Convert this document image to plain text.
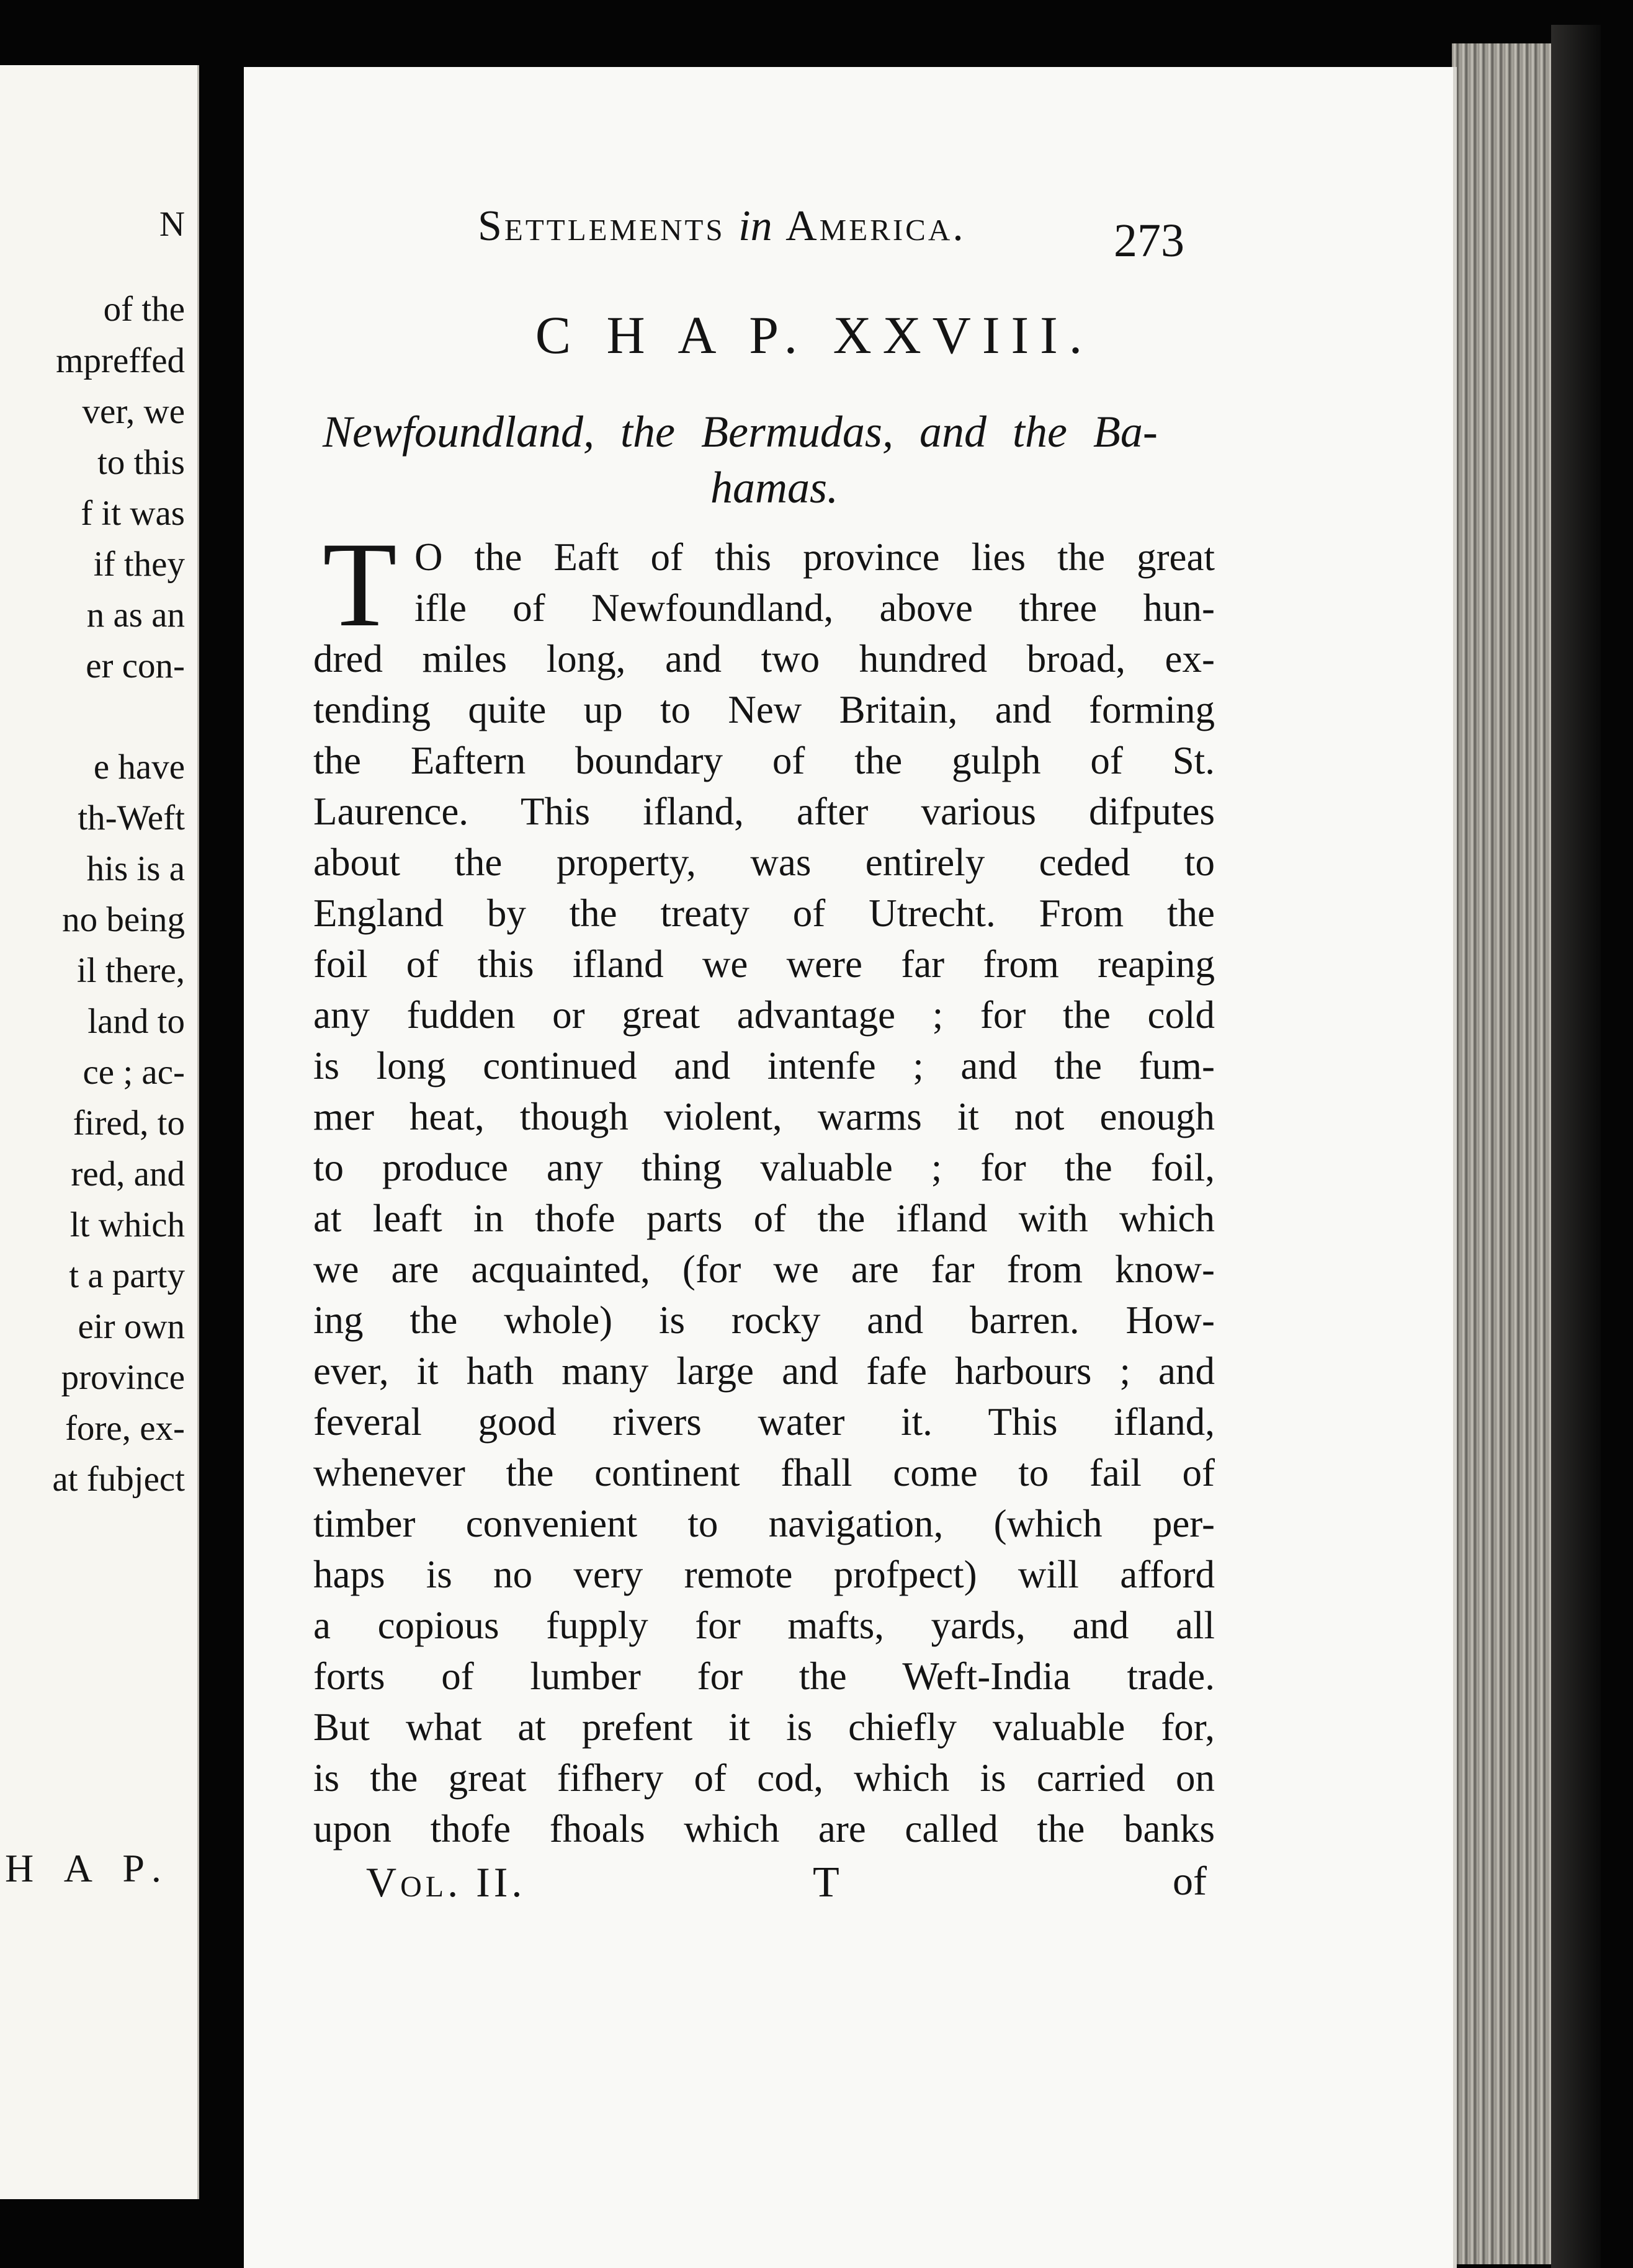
N
of the
mpreffed
ver, we
to this
f it was
if they
n as an
er con-
e have
th-Weft
his is a
no being
il there,
land to
ce ; ac-
fired, to
red, and
lt which
t a party
eir own
province
fore, ex-
at fubject
H A P.
Settlements in America.	273
C H A P. XXVIII.
Newfoundland, the Bermudas, and the Ba-
hamas.
T O the Eaft of this province lies the great
ifle of Newfoundland, above three hun-
dred miles long, and two hundred broad, ex-
tending quite up to New Britain, and forming
the Eaftern boundary of the gulph of St.
Laurence. This ifland, after various difputes
about the property, was entirely ceded to
England by the treaty of Utrecht. From the
foil of this ifland we were far from reaping
any fudden or great advantage ; for the cold
is long continued and intenfe ; and the fum-
mer heat, though violent, warms it not enough
to produce any thing valuable ; for the foil,
at leaft in thofe parts of the ifland with which
we are acquainted, (for we are far from know-
ing the whole) is rocky and barren. How-
ever, it hath many large and fafe harbours ; and
feveral good rivers water it. This ifland,
whenever the continent fhall come to fail of
timber convenient to navigation, (which per-
haps is no very remote profpect) will afford
a copious fupply for mafts, yards, and all
forts of lumber for the Weft-India trade.
But what at prefent it is chiefly valuable for,
is the great fifhery of cod, which is carried on
upon thofe fhoals which are called the banks
Vol. II.	T	of
